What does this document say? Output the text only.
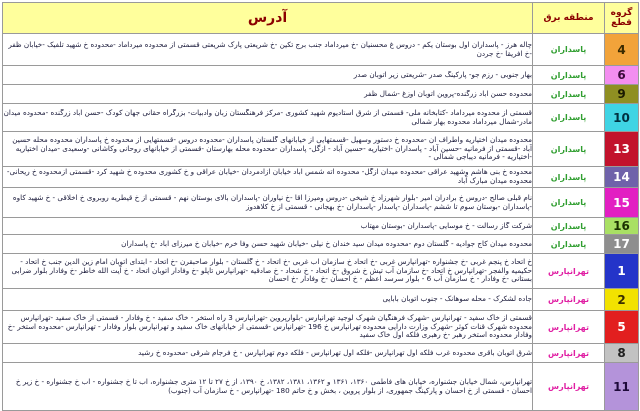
گروه قطع	منطقه برق	آدرس
4	پاسداران	چاله هرز - پاسداران اول بوستان یکم - دروس غ محسنیان -خ میرداماد جنب برج تکین -خ شریعتی پارک شریعتی قسمتی از محدوده میرداماد -محدوده خ شهید تلفیک -خیابان ظفر -خ افریقا -خ جردن

6	پاسداران	بهار جنوبی - رزم جو- پارکینگ صدر -شریعتی زیر اتوبان صدر

9	پاسداران	محدوده حسن آباد زرگنده-پروین اتوبان اوزغ -شمال ظفر

10	پاسداران	قسمتی از محدوده میرداماد -کتابخانه ملی- قسمتی از شرق استادیوم شهید کشوری -مرکز فرهنگستان زبان وادبیات- بزرگراه حقانی جهان کودک -حسن آباد زرگنده -محدوده میدان مادر-شمال میرداماد محدوده بهار شمالی

13	پاسداران	محدوده میدان اختیاریه واطراف آن -محدوده خ دستور وسهیل -قسمتهایی از خیابانهای گلستان پاسداران -محدوده دروس -قسمتهایی از محدوده خ پاسداران محدوده محله حسین آباد -قسمتی از فرمانیه -حسین آباد - پاسداران -اختیاریه -حسین آباد - ازگل- پاسداران -محدوده محله بهارستان -قسمتی از خیابانهای روحانی وکاشانی -وسعیدی -میدان اختیاریه -اختیاریه - فرمانیه دیباجی شمالی -

14	پاسداران	محدوده خ بنی هاشم وشهید عراقی -محدوده میدان ازگل- محدوده اته شمس آباد خیابان آزادمردان -خیابان عراقی و خ کشوری محدوده خ شهید کرد -قسمتی ازمحدوده خ ریحانی-محدوده میدان مبارک آباد

15	پاسداران	نام قبلی صالح -دروس خ برادران امیر -بلوار شهرزاد خ شیخی -دروس ومیرزا آقا -خ نیاوران -پاسداران بالای بوستان نهم - قسمتی از خ قیطریه روبروی خ اخلاقی - خ شهید کاوه -پاسداران -بوستان سوم تا ششم -پاسداران -پاسدار -پاسداران -خ بهجانی - قسمتی از خ کلاهدوز

16	پاسداران	شرکت گاز رسالت - خ موسایی -پاسداران -بوستان مهتاب

17	پاسداران	محدوده میدان کاج جوادیه - گلستان دوم -محدوده میدان سید خندان خ نیلی -خیابان شهید حسن وفا خرم -خیابان خ میرزای آباد -خ پاسداران

1	تهرانپارس	خ اتحاد خ پنجم غربی -خ جشنواره -تهرانپارس غربی -خ اتحاد خ سازمان آب غربی -خ اتحاد - خ گلستان - بلوار صاحبقرن -خ اتحاد - ابتدای اتوبان امام زین الدین جنب خ اتحاد - حکیمیه والفجر -تهرانپارس خ اتحاد -خ سازمان آب تیش خ شروق -خ اتحاد - خ شحاد - خ صادقیه -تهرانپارس تاپلو -خ وفادار اتوبان اتحاد - خ آیت الله خاطر -خ وفادار بلوار ضرابی بستانی -خ وفادار - خ سازمان آب 6 - بلوار سرسد اعظم - خ احسان -خ وفادار -خ احسان

2	تهرانپارس	جاده لشکرک - محله سوهانک - جنوب اتوبان بابایی

5	تهرانپارس	قسمتی از خاک سفید - تهرانپارس -شهرک فرهنگیان شهرک لوجید تهرانپارس -بلوارپروین -تهرانپارس 3 راه استخر - خاک سفید - خ وفادار - قسمتی از خاک سفید -تهرانپارس محدوده شهرک قنات کوثر -شهرک وزارت دارایی محدوده تهرانپارس خ 196 -تهرانپارس -قسمتی از خیابانهای خاک سفید و تهرانپارس بلوار وفادار - تهرانپارس -محدوده استخر -خ وفادار محدوده استخر رهبر -خ رهبری فلکه اول خاک سفید

8	تهرانپارس	شرق اتوبان باقری محدوده غرب فلکه اول تهرانپارس -فلکه اول تهرانپارس - فلکه دوم تهرانپارس - خ فرجام شرقی -محدوده خ رشید

11	تهرانپارس	تهرانپارس، شمال خیابان جشنواره، خیابان های فاطمی ۱۳۶۰، ۱۳۶۱ و ۱۳۶۲، ۱۳۸۱، ۱۳۸۲، خ ۱۳۹۰، از خ ۲۷ تا ۱۲ متری جشنواره، آب تا خ جشنواره - آب خ جشنواره - خ زیر خ احسان - قسمتی از خ احسان و پارکینگ جمهوری، از بلوار پروین ، بخش و خ حاتم 180 -تهرانپارس - خ سازمان آب (جنوب)
